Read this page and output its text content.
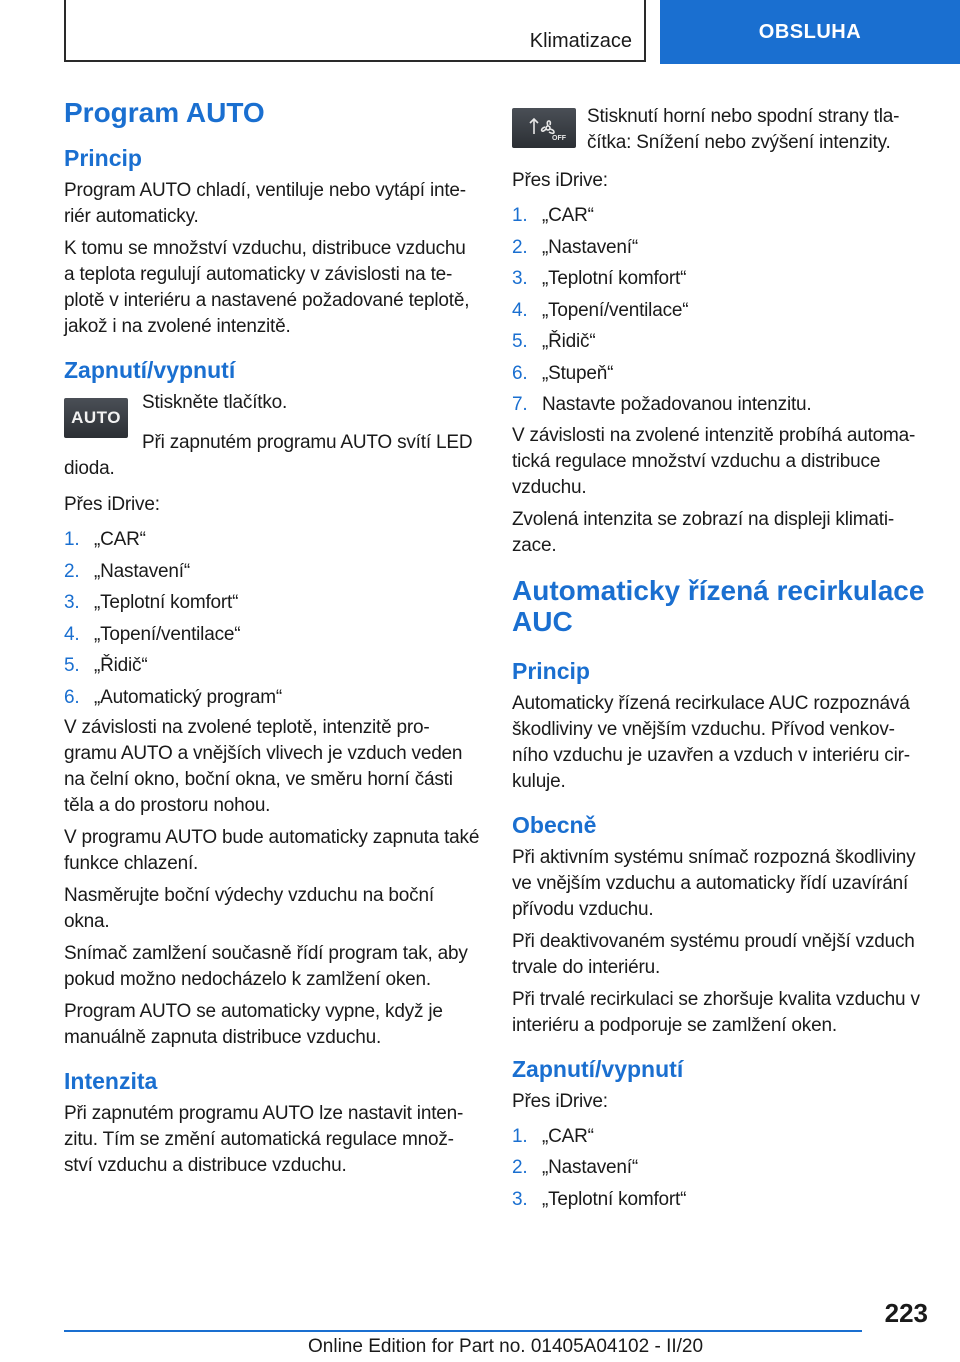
Klimatizace	OBSLUHA
Program AUTO
Princip

Program AUTO chladí, ventiluje nebo vytápí inte-riér automaticky.

K tomu se množství vzduchu, distribuce vzduchu a teplota regulují automaticky v závislosti na te-plotě v interiéru a nastavené požadované teplotě, jakož i na zvolené intenzitě.

Zapnutí/vypnutí
AUTO

Stiskněte tlačítko.

Při zapnutém programu AUTO svítí LED dioda.

Přes iDrive:

1. „CAR“
2. „Nastavení“
3. „Teplotní komfort“
4. „Topení/ventilace“
5. „Řidič“
6. „Automatický program“

V závislosti na zvolené teplotě, intenzitě pro-gramu AUTO a vnějších vlivech je vzduch veden na čelní okno, boční okna, ve směru horní části těla a do prostoru nohou.

V programu AUTO bude automaticky zapnuta také funkce chlazení.

Nasměrujte boční výdechy vzduchu na boční okna.

Snímač zamlžení současně řídí program tak, aby pokud možno nedocházelo k zamlžení oken.

Program AUTO se automaticky vypne, když je manuálně zapnuta distribuce vzduchu.

Intenzita

Při zapnutém programu AUTO lze nastavit inten-zitu. Tím se změní automatická regulace množ-ství vzduchu a distribuce vzduchu.

OFF

Stisknutí horní nebo spodní strany tla-čítka: Snížení nebo zvýšení intenzity.

Přes iDrive:

1. „CAR“
2. „Nastavení“
3. „Teplotní komfort“
4. „Topení/ventilace“
5. „Řidič“
6. „Stupeň“
7. Nastavte požadovanou intenzitu.

V závislosti na zvolené intenzitě probíhá automa-tická regulace množství vzduchu a distribuce vzduchu.

Zvolená intenzita se zobrazí na displeji klimati-zace.

Automaticky řízená recirkulace AUC
Princip

Automaticky řízená recirkulace AUC rozpoznává škodliviny ve vnějším vzduchu. Přívod venkov-ního vzduchu je uzavřen a vzduch v interiéru cir-kuluje.

Obecně

Při aktivním systému snímač rozpozná škodliviny ve vnějším vzduchu a automaticky řídí uzavírání přívodu vzduchu.

Při deaktivovaném systému proudí vnější vzduch trvale do interiéru.

Při trvalé recirkulaci se zhoršuje kvalita vzduchu v interiéru a podporuje se zamlžení oken.

Zapnutí/vypnutí

Přes iDrive:

1. „CAR“
2. „Nastavení“
3. „Teplotní komfort“
223
Online Edition for Part no. 01405A04102 - II/20
